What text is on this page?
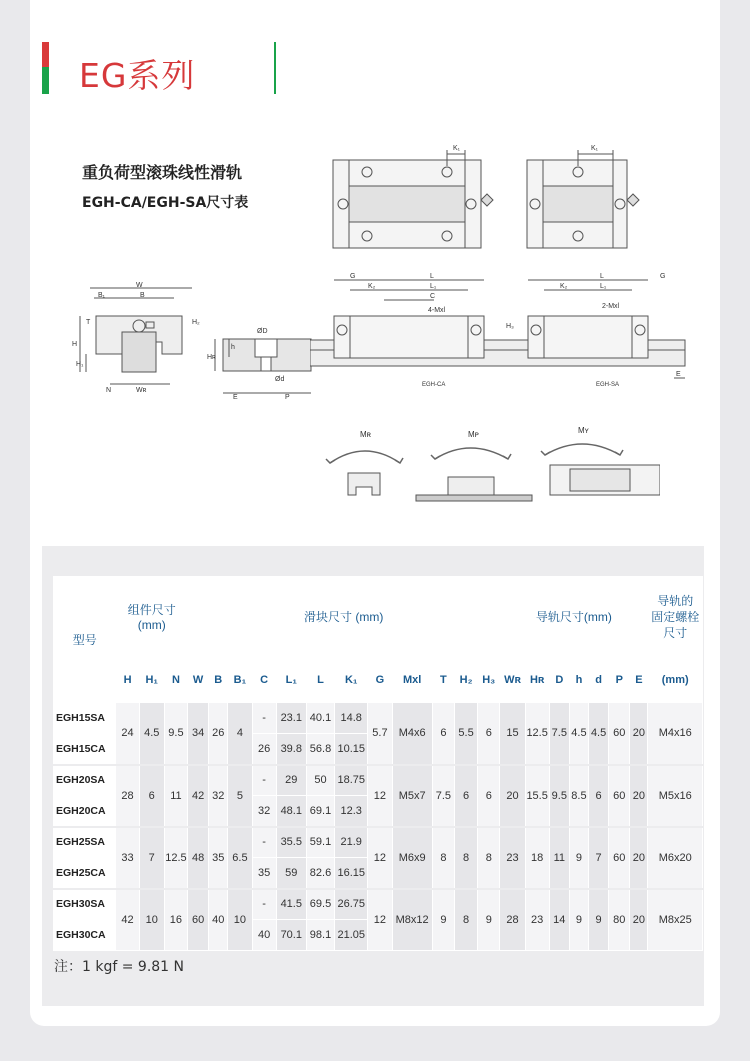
EG系列
重负荷型滚珠线性滑轨
EGH-CA/EGH-SA尺寸表
K₁	K₁
W
B₁	B
T
H
H₁
H₂
N	Wʀ
ØD
Ød
h
Hʀ
E	P
G	L
K₂	L₁
C
4-Mxl
H₃
L	G
K₂	L₁
2-Mxl
EGH-CA	EGH-SA
E
Mʀ	Mᴘ	Mʏ
型号	组件尺寸
(mm)			滑块尺寸 (mm)												导轨尺寸(mm)							导轨的
固定螺栓
尺寸
	H	H₁	N	W	B	B₁	C	L₁	L	K₁	G	Mxl	T	H₂	H₃	Wʀ	Hʀ	D	h	d	P	E	(mm)
EGH15SA	24	4.5	9.5	34	26	4	-	23.1	40.1	14.8	5.7	M4x6	6	5.5	6	15	12.5	7.5	4.5	4.5	60	20	M4x16
EGH15CA							26	39.8	56.8	10.15													
EGH20SA	28	6	11	42	32	5	-	29	50	18.75	12	M5x7	7.5	6	6	20	15.5	9.5	8.5	6	60	20	M5x16
EGH20CA							32	48.1	69.1	12.3													
EGH25SA	33	7	12.5	48	35	6.5	-	35.5	59.1	21.9	12	M6x9	8	8	8	23	18	11	9	7	60	20	M6x20
EGH25CA							35	59	82.6	16.15													
EGH30SA	42	10	16	60	40	10	-	41.5	69.5	26.75	12	M8x12	9	8	9	28	23	14	9	9	80	20	M8x25
EGH30CA							40	70.1	98.1	21.05													
注：1 kgf = 9.81 N
